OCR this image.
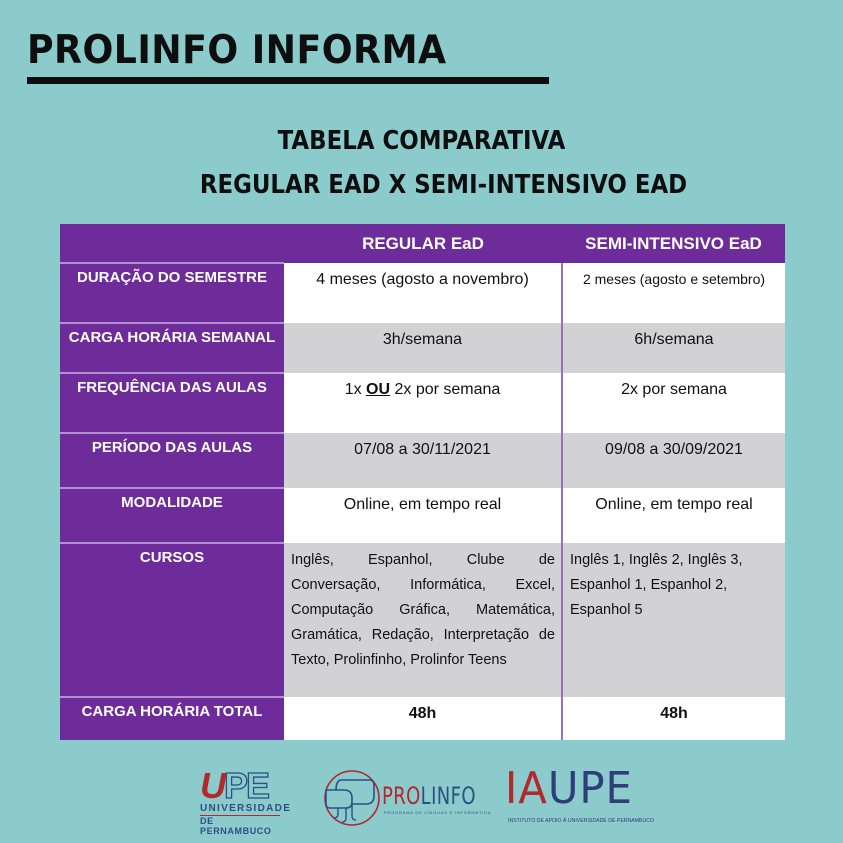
PROLINFO INFORMA
TABELA COMPARATIVA
REGULAR EAD X SEMI-INTENSIVO EAD
	REGULAR EaD	SEMI-INTENSIVO EaD
DURAÇÃO DO SEMESTRE	4 meses (agosto a novembro)	2 meses (agosto e setembro)
CARGA HORÁRIA SEMANAL	3h/semana	6h/semana
FREQUÊNCIA DAS AULAS	1x OU 2x por semana	2x por semana
PERÍODO DAS AULAS	07/08 a 30/11/2021	09/08 a 30/09/2021
MODALIDADE	Online, em tempo real	Online, em tempo real
CURSOS	Inglês, Espanhol, Clube de Conversação, Informática, Excel, Computação Gráfica, Matemática, Gramática, Redação, Interpretação de Texto, Prolinfinho, Prolinfor Teens	Inglês 1, Inglês 2, Inglês 3, Espanhol 1, Espanhol 2, Espanhol 5
CARGA HORÁRIA TOTAL	48h	48h
UPE
UNIVERSIDADE
DE PERNAMBUCO
PROLINFO
PROGRAMA DE LÍNGUAS E INFORMÁTICA IAUPE
INSTITUTO DE APOIO À UNIVERSIDADE DE PERNAMBUCO
